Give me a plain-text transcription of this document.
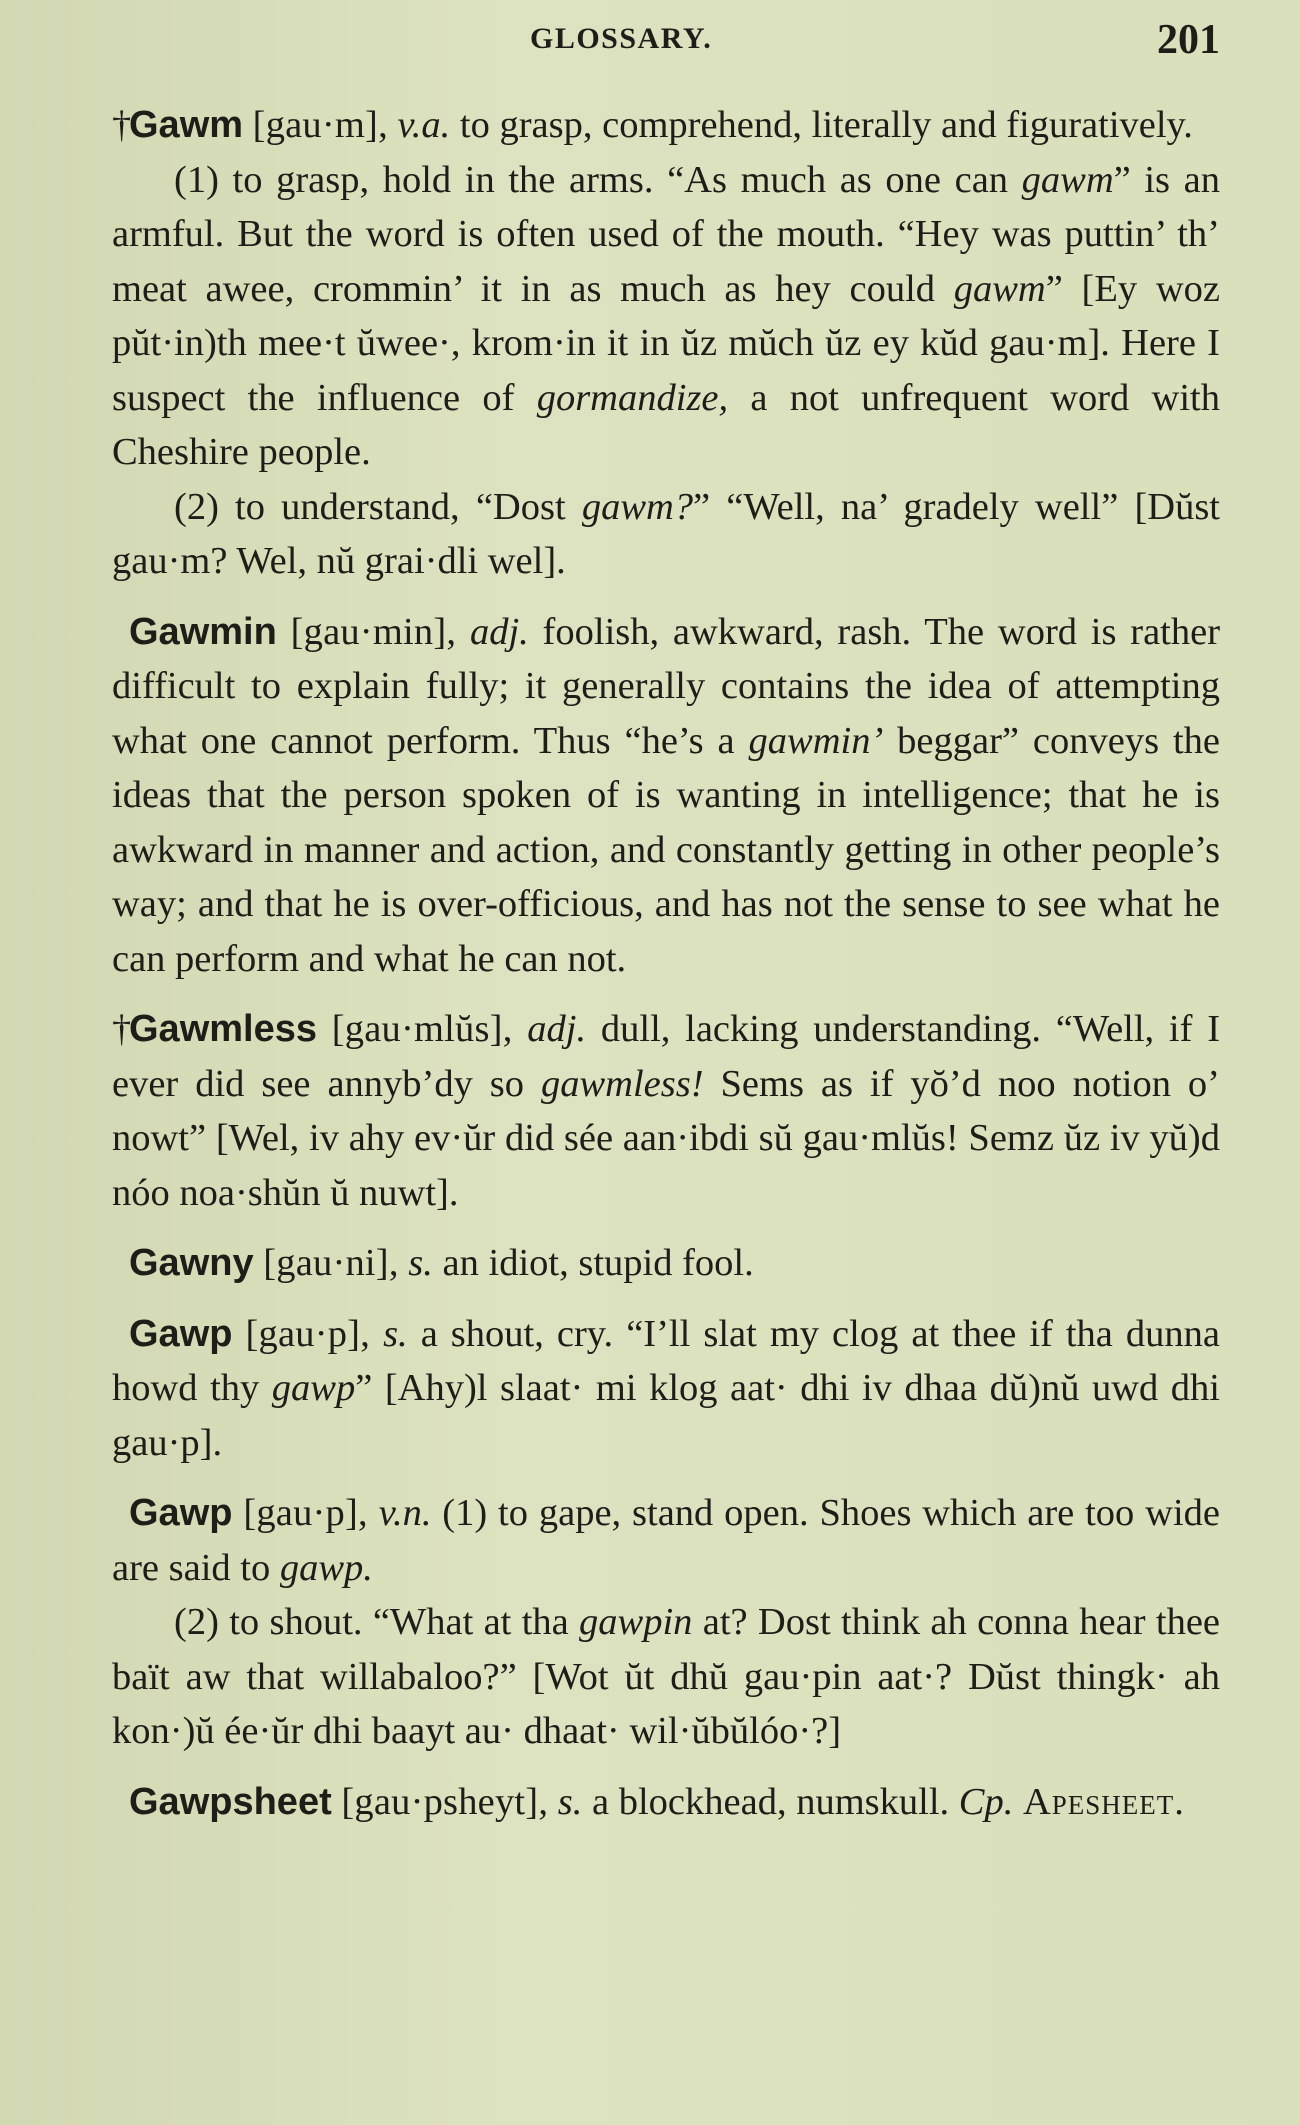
GLOSSARY.	201
†Gawm [gau·m], v.a. to grasp, comprehend, literally and figuratively.
(1) to grasp, hold in the arms. “As much as one can gawm” is an armful. But the word is often used of the mouth. “Hey was puttin’ th’ meat awee, crommin’ it in as much as hey could gawm” [Ey woz pŭt·in)th mee·t ŭwee·, krom·in it in ŭz mŭch ŭz ey kŭd gau·m]. Here I suspect the influence of gormandize, a not unfrequent word with Cheshire people.
(2) to understand, “Dost gawm?” “Well, na’ gradely well” [Dŭst gau·m? Wel, nŭ grai·dli wel].
Gawmin [gau·min], adj. foolish, awkward, rash. The word is rather difficult to explain fully; it generally contains the idea of attempting what one cannot perform. Thus “he’s a gawmin’ beggar” conveys the ideas that the person spoken of is wanting in intelligence; that he is awkward in manner and action, and constantly getting in other people’s way; and that he is over-officious, and has not the sense to see what he can perform and what he can not.
†Gawmless [gau·mlŭs], adj. dull, lacking understanding. “Well, if I ever did see annyb’dy so gawmless! Sems as if yŏ’d noo notion o’ nowt” [Wel, iv ahy ev·ŭr did sée aan·ibdi sŭ gau·mlŭs! Semz ŭz iv yŭ)d nóo noa·shŭn ŭ nuwt].
Gawny [gau·ni], s. an idiot, stupid fool.
Gawp [gau·p], s. a shout, cry. “I’ll slat my clog at thee if tha dunna howd thy gawp” [Ahy)l slaat· mi klog aat· dhi iv dhaa dŭ)nŭ uwd dhi gau·p].
Gawp [gau·p], v.n. (1) to gape, stand open. Shoes which are too wide are said to gawp.
(2) to shout. “What at tha gawpin at? Dost think ah conna hear thee baït aw that willabaloo?” [Wot ŭt dhŭ gau·pin aat·? Dŭst thingk· ah kon·)ŭ ée·ŭr dhi baayt au· dhaat· wil·ŭbŭlóo·?]
Gawpsheet [gau·psheyt], s. a blockhead, numskull. Cp. Apesheet.
